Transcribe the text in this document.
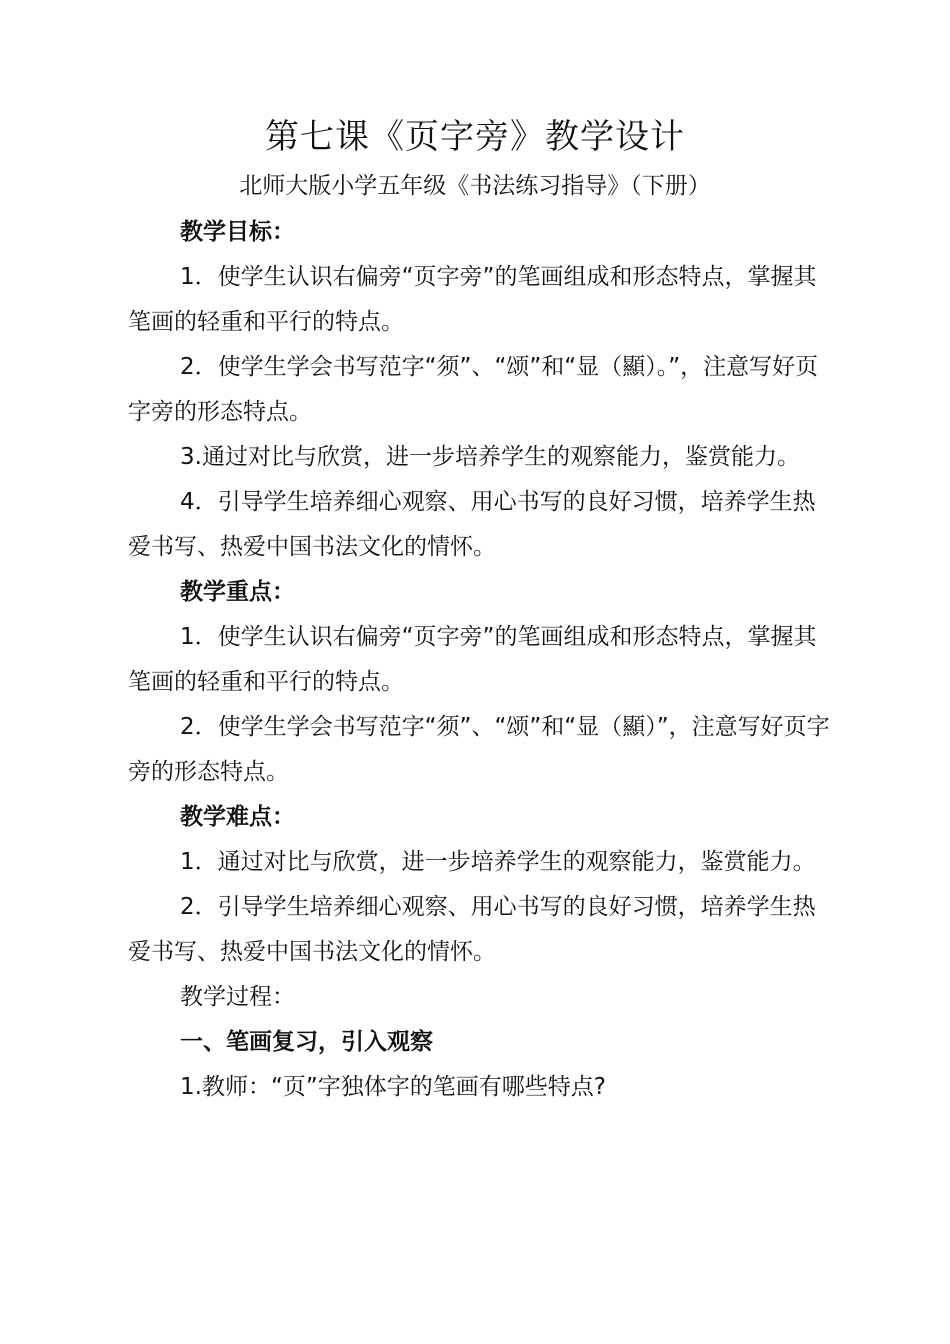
第七课《页字旁》教学设计
北师大版小学五年级《书法练习指导》（下册）

教学目标：

1．使学生认识右偏旁“页字旁”的笔画组成和形态特点，掌握其笔画的轻重和平行的特点。

2．使学生学会书写范字“须”、“颂”和“显（顯）。”，注意写好页字旁的形态特点。

3.通过对比与欣赏，进一步培养学生的观察能力，鉴赏能力。

4．引导学生培养细心观察、用心书写的良好习惯，培养学生热爱书写、热爱中国书法文化的情怀。

教学重点：

1．使学生认识右偏旁“页字旁”的笔画组成和形态特点，掌握其笔画的轻重和平行的特点。

2．使学生学会书写范字“须”、“颂”和“显（顯）”，注意写好页字旁的形态特点。

教学难点：

1．通过对比与欣赏，进一步培养学生的观察能力，鉴赏能力。

2．引导学生培养细心观察、用心书写的良好习惯，培养学生热爱书写、热爱中国书法文化的情怀。

教学过程：

一、笔画复习，引入观察

1.教师：“页”字独体字的笔画有哪些特点?
